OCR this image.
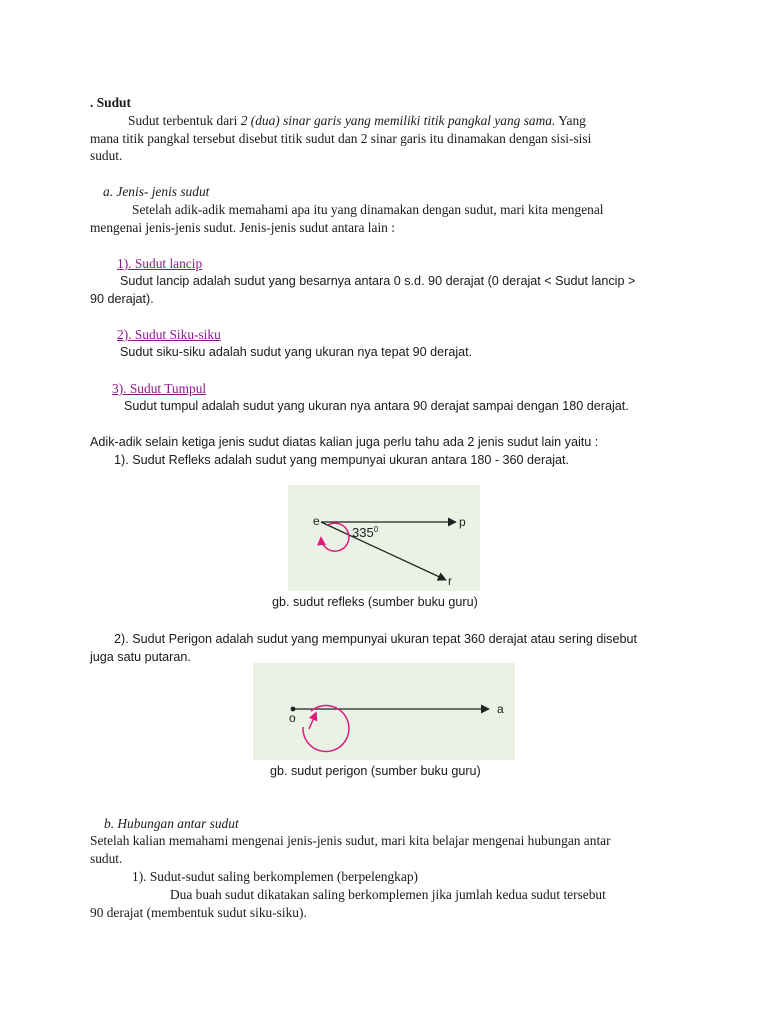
. Sudut
Sudut terbentuk dari 2 (dua) sinar garis yang memiliki titik pangkal yang sama. Yang
mana titik pangkal tersebut disebut titik sudut dan 2 sinar garis itu dinamakan dengan sisi-sisi
sudut.
a. Jenis- jenis sudut
Setelah adik-adik memahami apa itu yang dinamakan dengan sudut, mari kita mengenal
mengenai jenis-jenis sudut. Jenis-jenis sudut antara lain :
1). Sudut lancip
Sudut lancip adalah sudut yang besarnya antara 0 s.d. 90 derajat (0 derajat < Sudut lancip >
90 derajat).
2). Sudut Siku-siku
Sudut siku-siku adalah sudut yang ukuran nya tepat 90 derajat.
3). Sudut Tumpul
Sudut tumpul adalah sudut yang ukuran nya antara 90 derajat sampai dengan 180 derajat.
Adik-adik selain ketiga jenis sudut diatas kalian juga perlu tahu ada 2 jenis sudut lain yaitu :
1). Sudut Refleks adalah sudut yang mempunyai ukuran antara 180 - 360 derajat.
e	p
r
$335^0$
gb. sudut refleks (sumber buku guru)
2). Sudut Perigon adalah sudut yang mempunyai ukuran tepat 360 derajat atau sering disebut
juga satu putaran.
o
a
gb. sudut perigon (sumber buku guru)
b. Hubungan antar sudut
Setelah kalian memahami mengenai jenis-jenis sudut, mari kita belajar mengenai hubungan antar
sudut.
1). Sudut-sudut saling berkomplemen (berpelengkap)
Dua buah sudut dikatakan saling berkomplemen jika jumlah kedua sudut tersebut
90 derajat (membentuk sudut siku-siku).
